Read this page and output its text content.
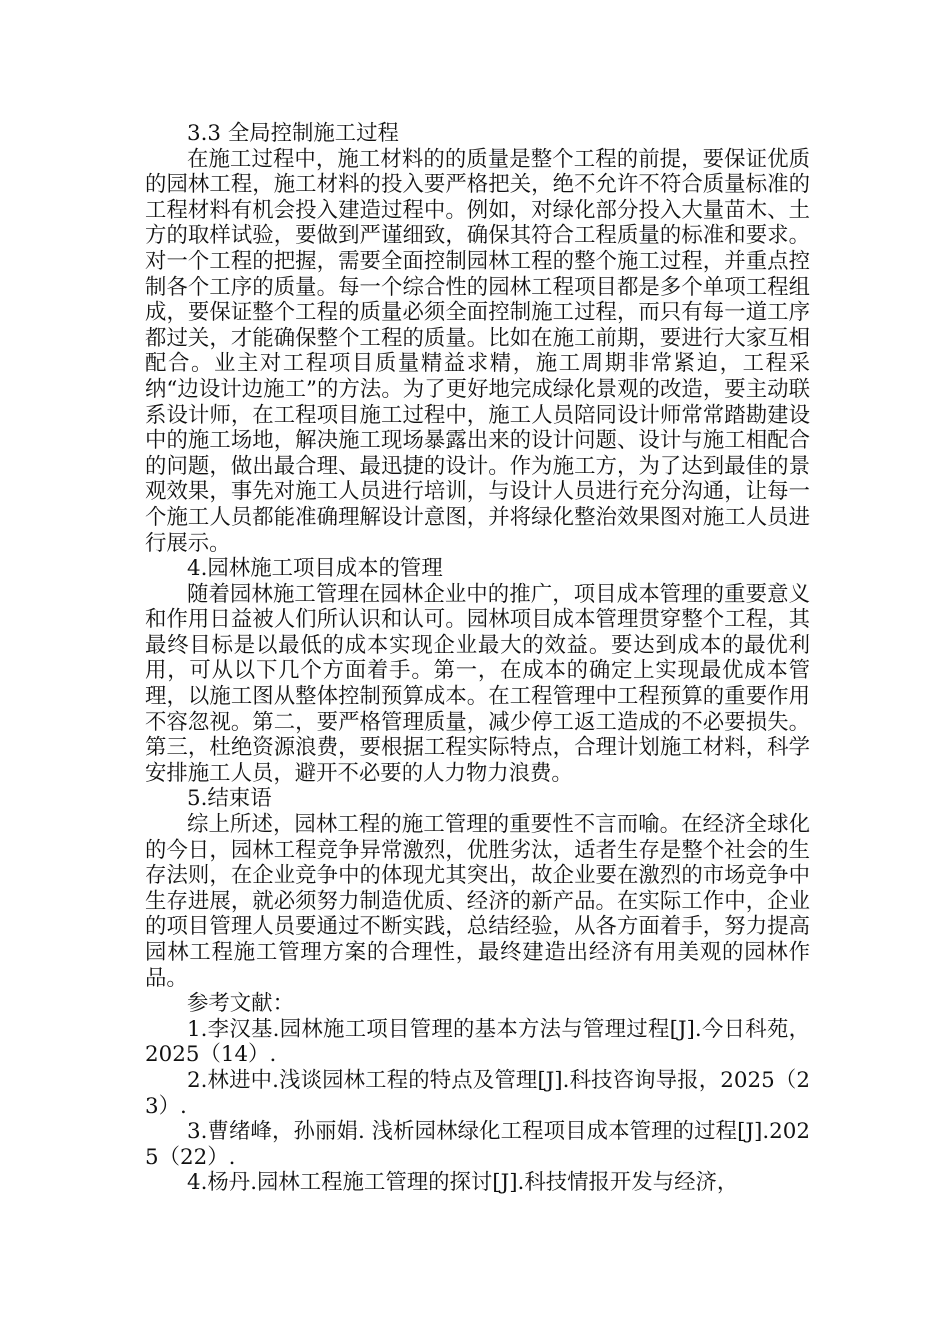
3.3 全局控制施工过程

在施工过程中，施工材料的的质量是整个工程的前提，要保证优质的园林工程，施工材料的投入要严格把关，绝不允许不符合质量标准的工程材料有机会投入建造过程中。例如，对绿化部分投入大量苗木、土方的取样试验，要做到严谨细致，确保其符合工程质量的标准和要求。对一个工程的把握，需要全面控制园林工程的整个施工过程，并重点控制各个工序的质量。每一个综合性的园林工程项目都是多个单项工程组成，要保证整个工程的质量必须全面控制施工过程，而只有每一道工序都过关，才能确保整个工程的质量。比如在施工前期，要进行大家互相配合。业主对工程项目质量精益求精，施工周期非常紧迫，工程采纳“边设计边施工”的方法。为了更好地完成绿化景观的改造，要主动联系设计师，在工程项目施工过程中，施工人员陪同设计师常常踏勘建设中的施工场地，解决施工现场暴露出来的设计问题、设计与施工相配合的问题，做出最合理、最迅捷的设计。作为施工方，为了达到最佳的景观效果，事先对施工人员进行培训，与设计人员进行充分沟通，让每一个施工人员都能准确理解设计意图，并将绿化整治效果图对施工人员进行展示。

4.园林施工项目成本的管理

随着园林施工管理在园林企业中的推广，项目成本管理的重要意义和作用日益被人们所认识和认可。园林项目成本管理贯穿整个工程，其最终目标是以最低的成本实现企业最大的效益。要达到成本的最优利用，可从以下几个方面着手。第一，在成本的确定上实现最优成本管理，以施工图从整体控制预算成本。在工程管理中工程预算的重要作用不容忽视。第二，要严格管理质量，减少停工返工造成的不必要损失。第三，杜绝资源浪费，要根据工程实际特点，合理计划施工材料，科学安排施工人员，避开不必要的人力物力浪费。

5.结束语

综上所述，园林工程的施工管理的重要性不言而喻。在经济全球化的今日，园林工程竞争异常激烈，优胜劣汰，适者生存是整个社会的生存法则，在企业竞争中的体现尤其突出，故企业要在激烈的市场竞争中生存进展，就必须努力制造优质、经济的新产品。在实际工作中，企业的项目管理人员要通过不断实践，总结经验，从各方面着手，努力提高园林工程施工管理方案的合理性，最终建造出经济有用美观的园林作品。

参考文献：

1.李汉基.园林施工项目管理的基本方法与管理过程[J].今日科苑，2025（14）.

2.林进中.浅谈园林工程的特点及管理[J].科技咨询导报，2025（23）.

3.曹绪峰，孙丽娟. 浅析园林绿化工程项目成本管理的过程[J].2025（22）.

4.杨丹.园林工程施工管理的探讨[J].科技情报开发与经济，
